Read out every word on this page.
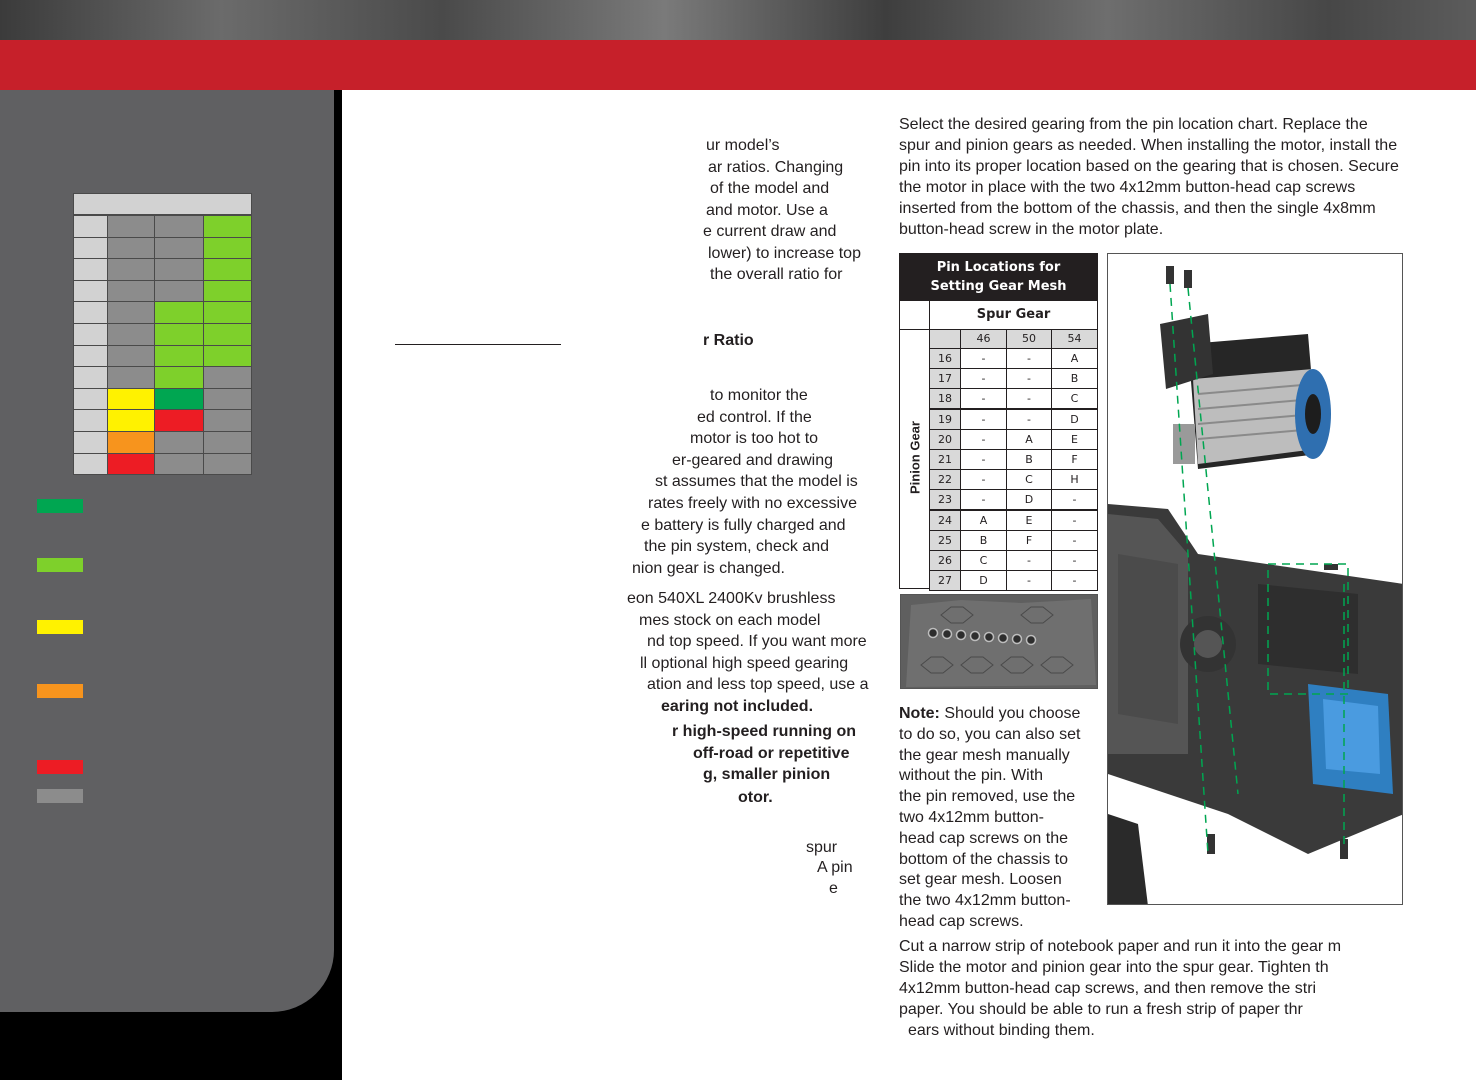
ur model’s
ar ratios. Changing
of the model and
and motor. Use a
e current draw and
lower) to increase top
the overall ratio for
r Ratio
to monitor the
ed control. If the
motor is too hot to
er-geared and drawing
st assumes that the model is
rates freely with no excessive
e battery is fully charged and
the pin system, check and
nion gear is changed.
eon 540XL 2400Kv brushless
mes stock on each model
nd top speed. If you want more
ll optional high speed gearing
ation and less top speed, use a
earing not included.
r high-speed running on
off-road or repetitive
g, smaller pinion
otor.
spur
A pin
e
Select the desired gearing from the pin location chart. Replace the spur and pinion gears as needed. When installing the motor, install the pin into its proper location based on the gearing that is chosen. Secure the motor in place with the two 4x12mm button-head cap screws inserted from the bottom of the chassis, and then the single 4x8mm button-head screw in the motor plate.
Pin Locations for
Setting Gear Mesh
Spur Gear
Pinion Gear
46	50	54
16	-	-	A
17	-	-	B
18	-	-	C
19	-	-	D
20	-	A	E
21	-	B	F
22	-	C	H
23	-	D	-
24	A	E	-
25	B	F	-
26	C	-	-
27	D	-	-
Note: Should you choose
to do so, you can also set
the gear mesh manually
without the pin. With
the pin removed, use the
two 4x12mm button-
head cap screws on the
bottom of the chassis to
set gear mesh. Loosen
the two 4x12mm button-
head cap screws.
Cut a narrow strip of notebook paper and run it into the gear m
Slide the motor and pinion gear into the spur gear. Tighten th
4x12mm button-head cap screws, and then remove the stri
paper. You should be able to run a fresh strip of paper thr
ears without binding them.
